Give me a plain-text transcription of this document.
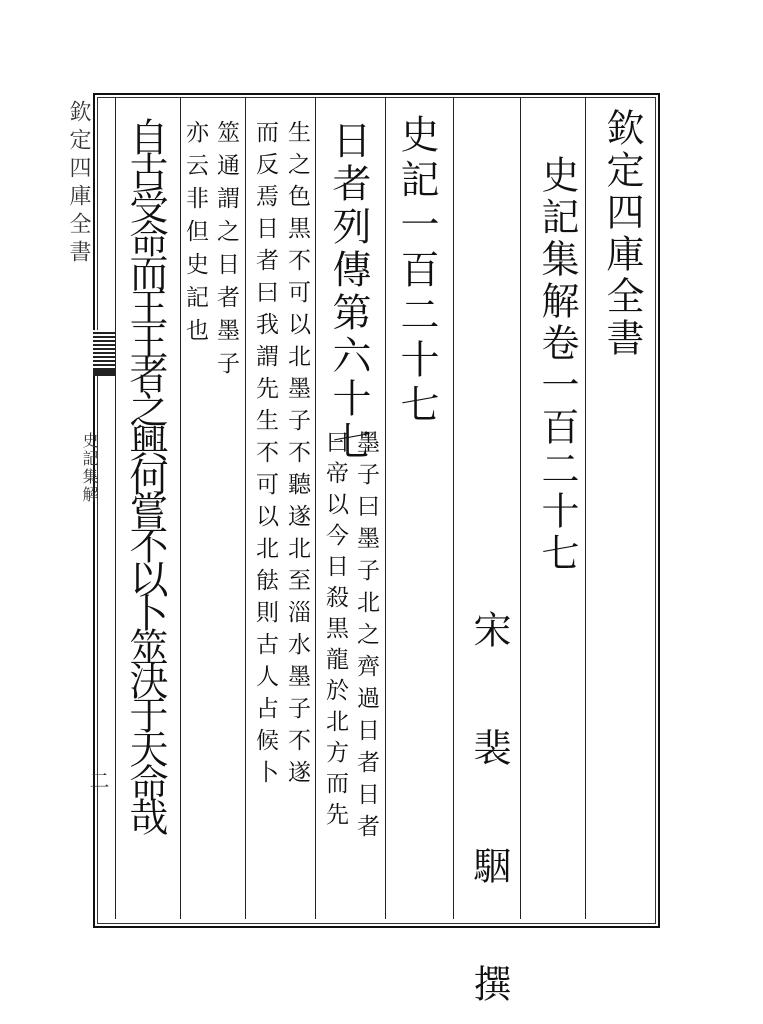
欽定四庫全書
史記集解
二
欽定四庫全書
史記集解卷一百二十七
宋 裴 駰 撰
史記一百二十七
日者列傳第六十七
墨子曰墨子北之齊過日者日者
曰帝以今日殺黒龍於北方而先
生之色黒不可以北墨子不聽遂北至淄水墨子不遂
而反焉日者曰我謂先生不可以北䏻則古人占候卜
筮通謂之日者墨子
亦云非但史記也
自古受命而王王者之興何嘗不以卜筮決于天命哉
